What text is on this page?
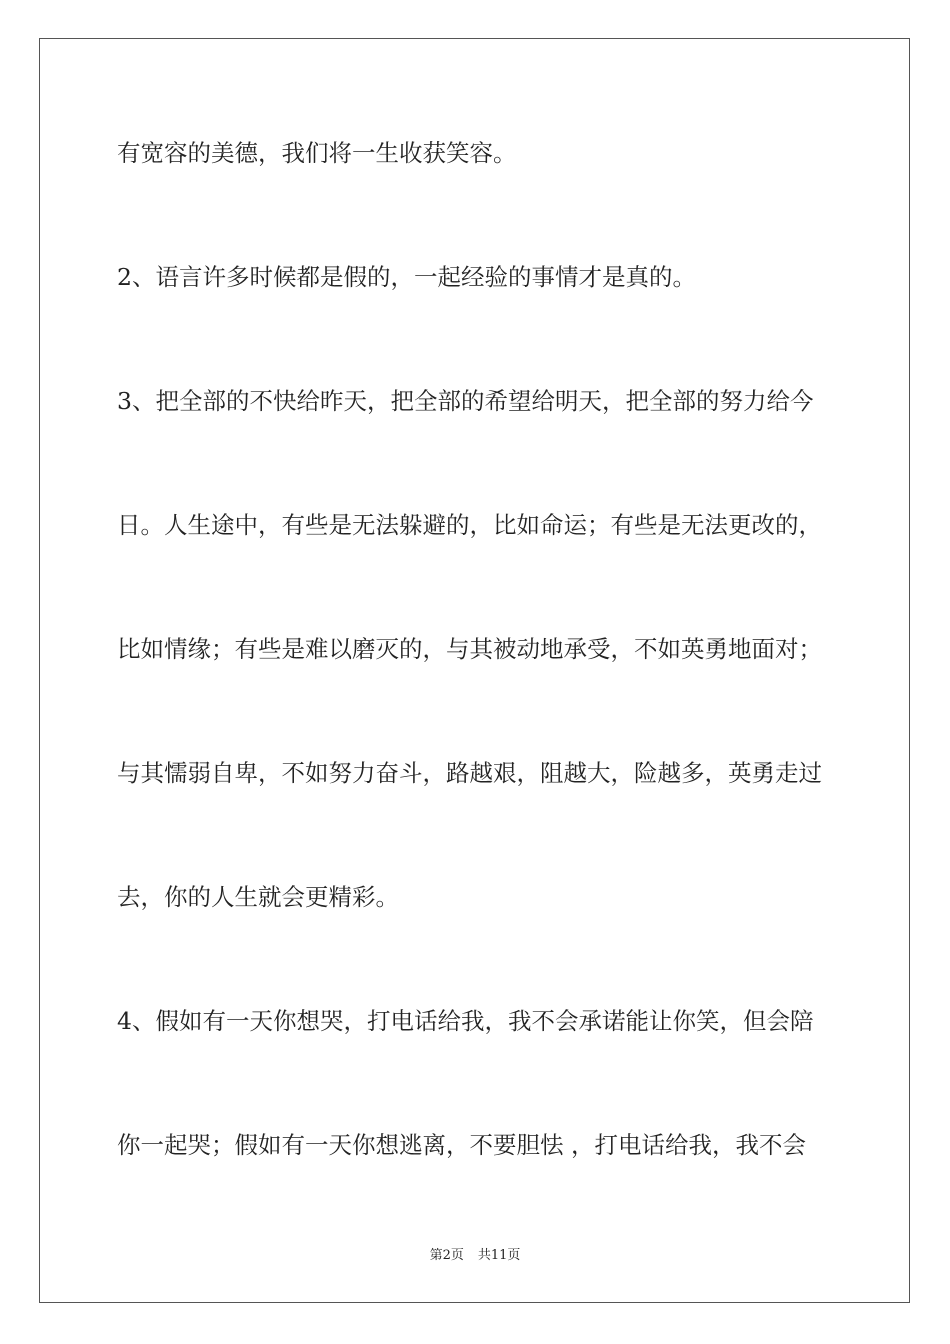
有宽容的美德，我们将一生收获笑容。
2、语言许多时候都是假的，一起经验的事情才是真的。
3、把全部的不快给昨天，把全部的希望给明天，把全部的努力给今
日。人生途中，有些是无法躲避的，比如命运；有些是无法更改的，
比如情缘；有些是难以磨灭的，与其被动地承受，不如英勇地面对；
与其懦弱自卑，不如努力奋斗，路越艰，阻越大，险越多，英勇走过
去，你的人生就会更精彩。
4、假如有一天你想哭，打电话给我，我不会承诺能让你笑，但会陪
你一起哭；假如有一天你想逃离，不要胆怯 ，打电话给我，我不会
第2页 共11页
